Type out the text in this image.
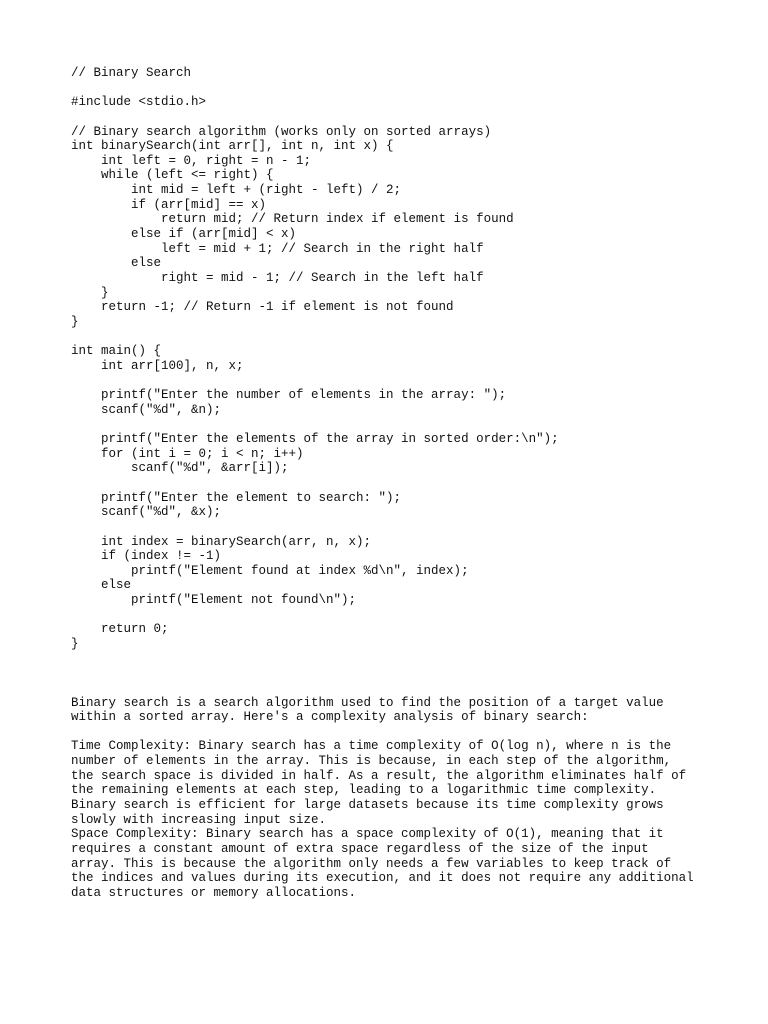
// Binary Search
#include <stdio.h>
// Binary search algorithm (works only on sorted arrays)
int binarySearch(int arr[], int n, int x) {
int left = 0, right = n - 1;
while (left <= right) {
int mid = left + (right - left) / 2;
if (arr[mid] == x)
return mid; // Return index if element is found
else if (arr[mid] < x)
left = mid + 1; // Search in the right half
else
right = mid - 1; // Search in the left half
}
return -1; // Return -1 if element is not found
}
int main() {
int arr[100], n, x;
printf("Enter the number of elements in the array: ");
scanf("%d", &n);
printf("Enter the elements of the array in sorted order:\n");
for (int i = 0; i < n; i++)
scanf("%d", &arr[i]);
printf("Enter the element to search: ");
scanf("%d", &x);
int index = binarySearch(arr, n, x);
if (index != -1)
printf("Element found at index %d\n", index);
else
printf("Element not found\n");
return 0;
}
Binary search is a search algorithm used to find the position of a target value
within a sorted array. Here's a complexity analysis of binary search:
Time Complexity: Binary search has a time complexity of O(log n), where n is the
number of elements in the array. This is because, in each step of the algorithm,
the search space is divided in half. As a result, the algorithm eliminates half of
the remaining elements at each step, leading to a logarithmic time complexity.
Binary search is efficient for large datasets because its time complexity grows
slowly with increasing input size.
Space Complexity: Binary search has a space complexity of O(1), meaning that it
requires a constant amount of extra space regardless of the size of the input
array. This is because the algorithm only needs a few variables to keep track of
the indices and values during its execution, and it does not require any additional
data structures or memory allocations.
